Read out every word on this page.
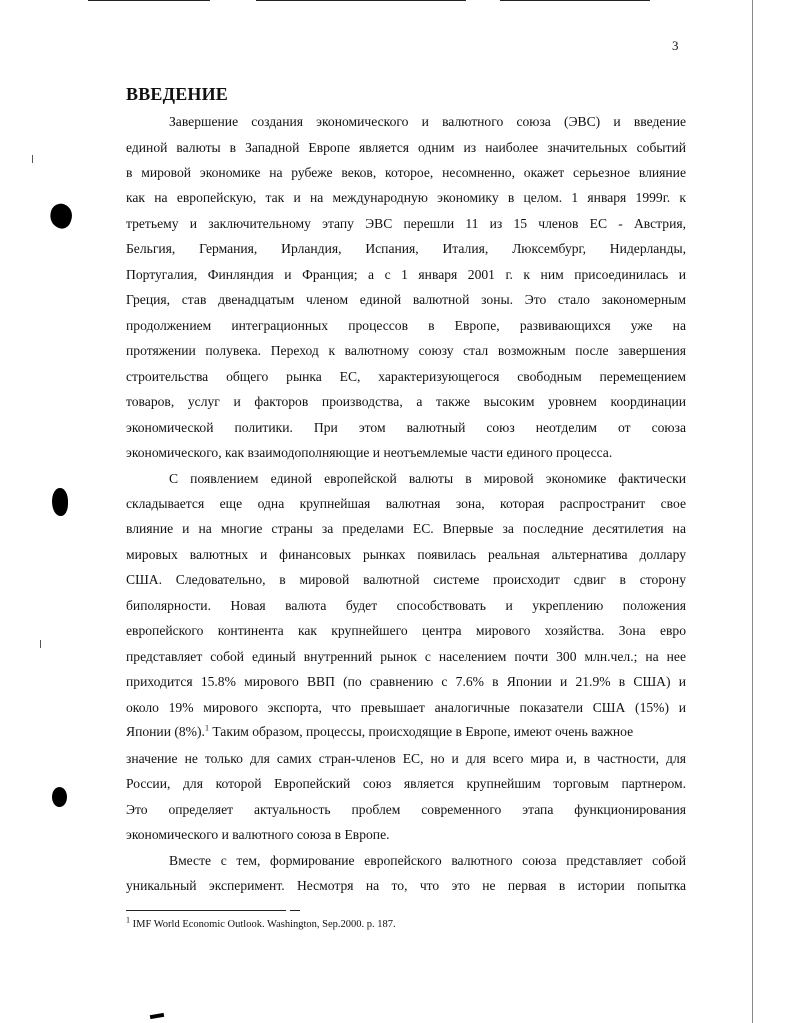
3
ВВЕДЕНИЕ
Завершение создания экономического и валютного союза (ЭВС) и введение
единой валюты в Западной Европе является одним из наиболее значительных событий
в мировой экономике на рубеже веков, которое, несомненно, окажет серьезное влияние
как на европейскую, так и на международную экономику в целом. 1 января 1999г. к
третьему и заключительному этапу ЭВС перешли 11 из 15 членов ЕС - Австрия,
Бельгия, Германия, Ирландия, Испания, Италия, Люксембург, Нидерланды,
Португалия, Финляндия и Франция; а с 1 января 2001 г. к ним присоединилась и
Греция, став двенадцатым членом единой валютной зоны. Это стало закономерным
продолжением интеграционных процессов в Европе, развивающихся уже на
протяжении полувека. Переход к валютному союзу стал возможным после завершения
строительства общего рынка ЕС, характеризующегося свободным перемещением
товаров, услуг и факторов производства, а также высоким уровнем координации
экономической политики. При этом валютный союз неотделим от союза
экономического, как взаимодополняющие и неотъемлемые части единого процесса.
С появлением единой европейской валюты в мировой экономике фактически
складывается еще одна крупнейшая валютная зона, которая распространит свое
влияние и на многие страны за пределами ЕС. Впервые за последние десятилетия на
мировых валютных и финансовых рынках появилась реальная альтернатива доллару
США. Следовательно, в мировой валютной системе происходит сдвиг в сторону
биполярности. Новая валюта будет способствовать и укреплению положения
европейского континента как крупнейшего центра мирового хозяйства. Зона евро
представляет собой единый внутренний рынок с населением почти 300 млн.чел.; на нее
приходится 15.8% мирового ВВП (по сравнению с 7.6% в Японии и 21.9% в США) и
около 19% мирового экспорта, что превышает аналогичные показатели США (15%) и
Японии (8%).$^1$ Таким образом, процессы, происходящие в Европе, имеют очень важное
значение не только для самих стран-членов ЕС, но и для всего мира и, в частности, для
России, для которой Европейский союз является крупнейшим торговым партнером.
Это определяет актуальность проблем современного этапа функционирования
экономического и валютного союза в Европе.
Вместе с тем, формирование европейского валютного союза представляет собой
уникальный эксперимент. Несмотря на то, что это не первая в истории попытка
$^1$ IMF World Economic Outlook. Washington, Sep.2000. p. 187.
